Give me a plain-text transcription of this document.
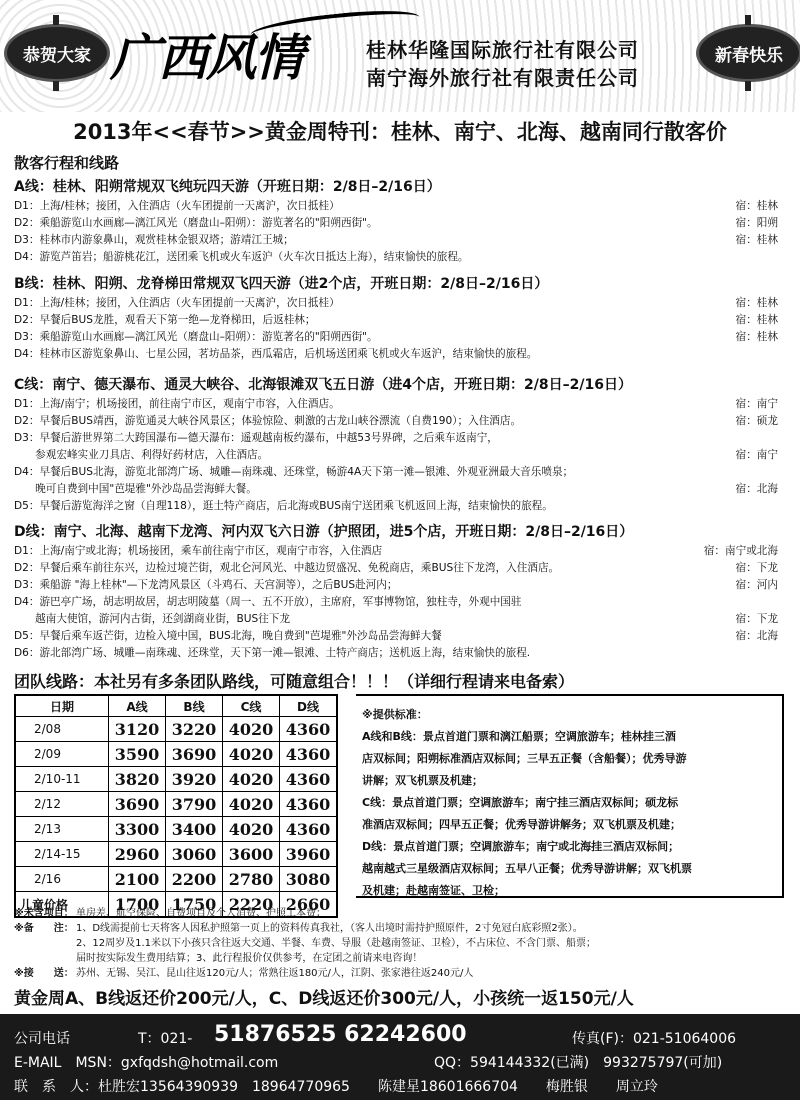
恭贺大家 广西风情	桂林华隆国际旅行社有限公司
南宁海外旅行社有限责任公司
新春快乐
2013年<<春节>>黄金周特刊：桂林、南宁、北海、越南同行散客价
散客行程和线路
A线：桂林、阳朔常规双飞纯玩四天游（开班日期：2/8日–2/16日）
D1：上海/桂林；接团，入住酒店（火车团提前一天离沪，次日抵桂）	宿：桂林
D2：乘船游览山水画廊—漓江风光（磨盘山–阳朔）：游览著名的"阳朔西街"。	宿：阳朔
D3：桂林市内游象鼻山，观赏桂林金银双塔；游靖江王城；	宿：桂林
D4：游览芦笛岩；船游桃花江，送团乘飞机或火车返沪（火车次日抵达上海），结束愉快的旅程。
B线：桂林、阳朔、龙脊梯田常规双飞四天游（进2个店，开班日期：2/8日–2/16日）
D1：上海/桂林；接团，入住酒店（火车团提前一天离沪，次日抵桂）	宿：桂林
D2：早餐后BUS龙胜，观看天下第一绝—龙脊梯田，后返桂林；	宿：桂林
D3：乘船游览山水画廊—漓江风光（磨盘山–阳朔）：游览著名的"阳朔西街"。	宿：桂林
D4：桂林市区游览象鼻山、七星公园，茗坊品茶，西瓜霜店，后机场送团乘飞机或火车返沪，结束愉快的旅程。
C线：南宁、德天瀑布、通灵大峡谷、北海银滩双飞五日游（进4个店，开班日期：2/8日–2/16日）
D1：上海/南宁；机场接团，前往南宁市区，观南宁市容，入住酒店。	宿：南宁
D2：早餐后BUS靖西，游览通灵大峡谷风景区；体验惊险、刺激的古龙山峡谷漂流（自费190）；入住酒店。	宿：硕龙
D3：早餐后游世界第二大跨国瀑布—德天瀑布：遥观越南板约瀑布，中越53号界碑，之后乘车返南宁，
　　参观宏峰实业刀具店、利得好药材店，入住酒店。	宿：南宁
D4：早餐后BUS北海，游览北部湾广场、城雕—南珠魂、还珠堂，畅游4A天下第一滩—银滩、外观亚洲最大音乐喷泉；
　　晚可自费到中国"芭堤雅"外沙岛品尝海鲜大餐。	宿：北海
D5：早餐后游览海洋之窗（自理118），逛土特产商店，后北海或BUS南宁送团乘飞机返回上海，结束愉快的旅程。
D线：南宁、北海、越南下龙湾、河内双飞六日游（护照团，进5个店，开班日期：2/8日–2/16日）
D1：上海/南宁或北海；机场接团，乘车前往南宁市区，观南宁市容，入住酒店	宿：南宁或北海
D2：早餐后乘车前往东兴，边检过境芒街，观北仑河风光、中越边贸盛况、免税商店，乘BUS往下龙湾，入住酒店。	宿：下龙
D3：乘船游 "海上桂林"—下龙湾风景区（斗鸡石、天宫洞等），之后BUS赴河内；	宿：河内
D4：游巴亭广场，胡志明故居，胡志明陵墓（周一、五不开放），主席府，军事博物馆，独柱寺，外观中国驻
　　越南大使馆，游河内古街，还剑湖商业街，BUS往下龙	宿：下龙
D5：早餐后乘车返芒街，边检入境中国，BUS北海，晚自费到"芭堤雅"外沙岛品尝海鲜大餐	宿：北海
D6：游北部湾广场、城雕—南珠魂、还珠堂，天下第一滩—银滩、土特产商店；送机返上海，结束愉快的旅程.
团队线路：本社另有多条团队路线，可随意组合！！！（详细行程请来电备索）
日期	A线	B线	C线	D线
2/08	3120	3220	4020	4360
2/09	3590	3690	4020	4360
2/10-11	3820	3920	4020	4360
2/12	3690	3790	4020	4360
2/13	3300	3400	4020	4360
2/14-15	2960	3060	3600	3960
2/16	2100	2200	2780	3080
儿童价格	1700	1750	2220	2660
※提供标准：
A线和B线：景点首道门票和漓江船票；空调旅游车；桂林挂三酒
店双标间；阳朔标准酒店双标间；三早五正餐（含船餐）；优秀导游
讲解；双飞机票及机建；
C线：景点首道门票；空调旅游车；南宁挂三酒店双标间；硕龙标
准酒店双标间；四早五正餐；优秀导游讲解务；双飞机票及机建；
D线：景点首道门票；空调旅游车；南宁或北海挂三酒店双标间；
越南越式三星级酒店双标间；五早八正餐；优秀导游讲解；双飞机票
及机建；赴越南签证、卫检；
※未含项目： 单房差、航空保险、自费项目及个人消费、护照工本费；
※备　　注： 1、D线需提前七天将客人因私护照第一页上的资料传真我社，（客人出境时需持护照原件，2寸免冠白底彩照2张）。
2、12周岁及1.1米以下小孩只含往返大交通、半餐、车费、导服（赴越南签证、卫检），不占床位、不含门票、船票；
届时按实际发生费用结算；3、此行程报价仅供参考，在定团之前请来电咨询！
※接　　送： 苏州、无锡、吴江、昆山往返120元/人；常熟往返180元/人，江阴、张家港往返240元/人
黄金周A、B线返还价200元/人，C、D线返还价300元/人，小孩统一返150元/人
公司电话	T：021- 51876525 62242600	传真(F)：021-51064006
E-MAIL　MSN：gxfqdsh@hotmail.com	QQ：594144332(已满)　993275797(可加)
联　系　人：杜胜宏13564390939　18964770965　　陈建星18601666704　　梅胜银　　周立玲
